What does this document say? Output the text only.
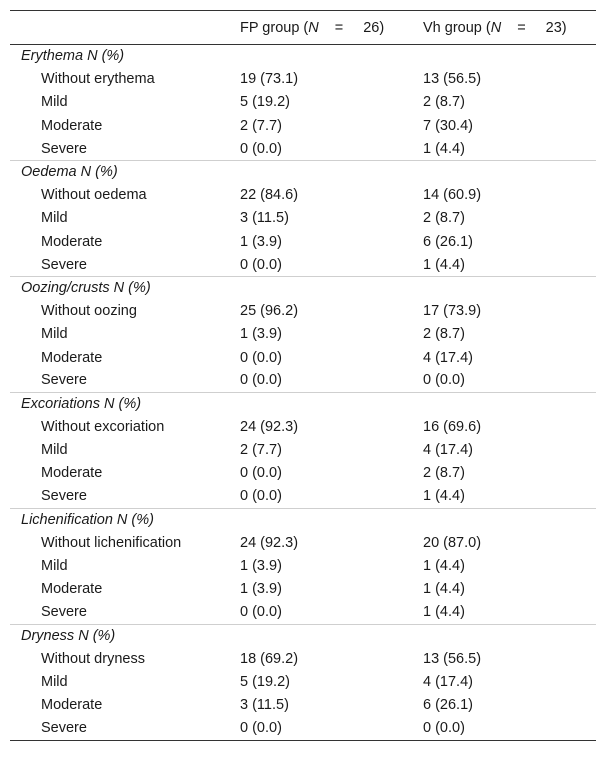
	FP group (N = 26)	Vh group (N = 23)
Erythema N (%)		
Without erythema	19 (73.1)	13 (56.5)
Mild	5 (19.2)	2 (8.7)
Moderate	2 (7.7)	7 (30.4)
Severe	0 (0.0)	1 (4.4)
Oedema N (%)		
Without oedema	22 (84.6)	14 (60.9)
Mild	3 (11.5)	2 (8.7)
Moderate	1 (3.9)	6 (26.1)
Severe	0 (0.0)	1 (4.4)
Oozing/crusts N (%)		
Without oozing	25 (96.2)	17 (73.9)
Mild	1 (3.9)	2 (8.7)
Moderate	0 (0.0)	4 (17.4)
Severe	0 (0.0)	0 (0.0)
Excoriations N (%)		
Without excoriation	24 (92.3)	16 (69.6)
Mild	2 (7.7)	4 (17.4)
Moderate	0 (0.0)	2 (8.7)
Severe	0 (0.0)	1 (4.4)
Lichenification N (%)		
Without lichenification	24 (92.3)	20 (87.0)
Mild	1 (3.9)	1 (4.4)
Moderate	1 (3.9)	1 (4.4)
Severe	0 (0.0)	1 (4.4)
Dryness N (%)		
Without dryness	18 (69.2)	13 (56.5)
Mild	5 (19.2)	4 (17.4)
Moderate	3 (11.5)	6 (26.1)
Severe	0 (0.0)	0 (0.0)
